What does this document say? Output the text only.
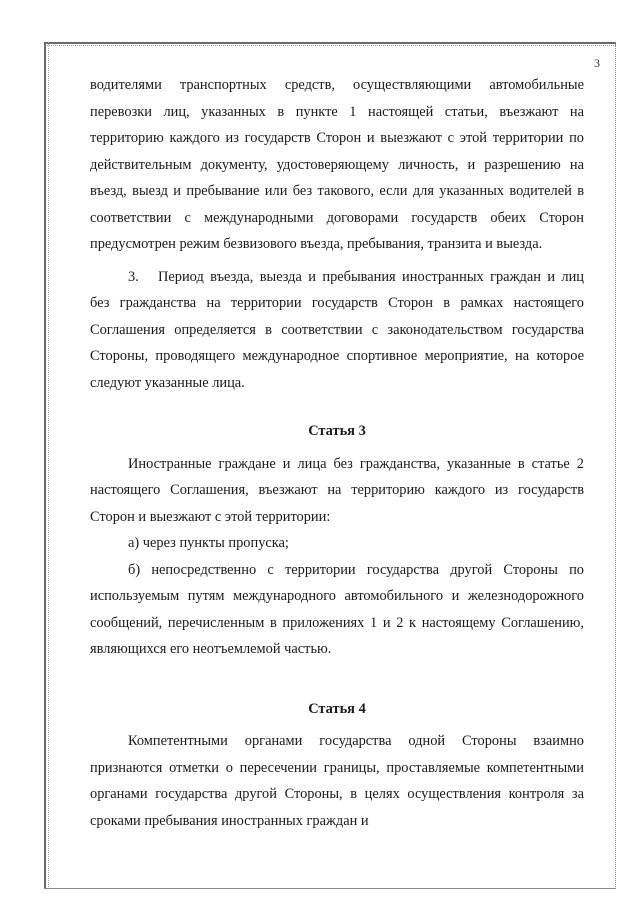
3

водителями транспортных средств, осуществляющими автомобильные перевозки лиц, указанных в пункте 1 настоящей статьи, въезжают на территорию каждого из государств Сторон и выезжают с этой территории по действительным документу, удостоверяющему личность, и разрешению на въезд, выезд и пребывание или без такового, если для указанных водителей в соответствии с международными договорами государств обеих Сторон предусмотрен режим безвизового въезда, пребывания, транзита и выезда.

3. Период въезда, выезда и пребывания иностранных граждан и лиц без гражданства на территории государств Сторон в рамках настоящего Соглашения определяется в соответствии с законодательством государства Стороны, проводящего международное спортивное мероприятие, на которое следуют указанные лица.

Статья 3

Иностранные граждане и лица без гражданства, указанные в статье 2 настоящего Соглашения, въезжают на территорию каждого из государств Сторон и выезжают с этой территории:

а) через пункты пропуска;

б) непосредственно с территории государства другой Стороны по используемым путям международного автомобильного и железнодорожного сообщений, перечисленным в приложениях 1 и 2 к настоящему Соглашению, являющихся его неотъемлемой частью.

Статья 4

Компетентными органами государства одной Стороны взаимно признаются отметки о пересечении границы, проставляемые компетентными органами государства другой Стороны, в целях осуществления контроля за сроками пребывания иностранных граждан и
